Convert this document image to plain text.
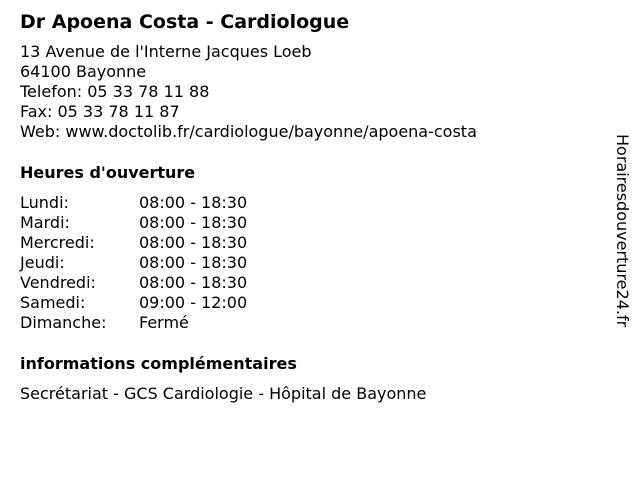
Dr Apoena Costa - Cardiologue
13 Avenue de l'Interne Jacques Loeb
64100 Bayonne
Telefon: 05 33 78 11 88
Fax: 05 33 78 11 87
Web: www.doctolib.fr/cardiologue/bayonne/apoena-costa
Heures d'ouverture
Lundi:	08:00 - 18:30
Mardi:	08:00 - 18:30
Mercredi:	08:00 - 18:30
Jeudi:	08:00 - 18:30
Vendredi:	08:00 - 18:30
Samedi:	09:00 - 12:00
Dimanche:	Fermé
informations complémentaires
Secrétariat - GCS Cardiologie - Hôpital de Bayonne
Horairesdouverture24.fr
